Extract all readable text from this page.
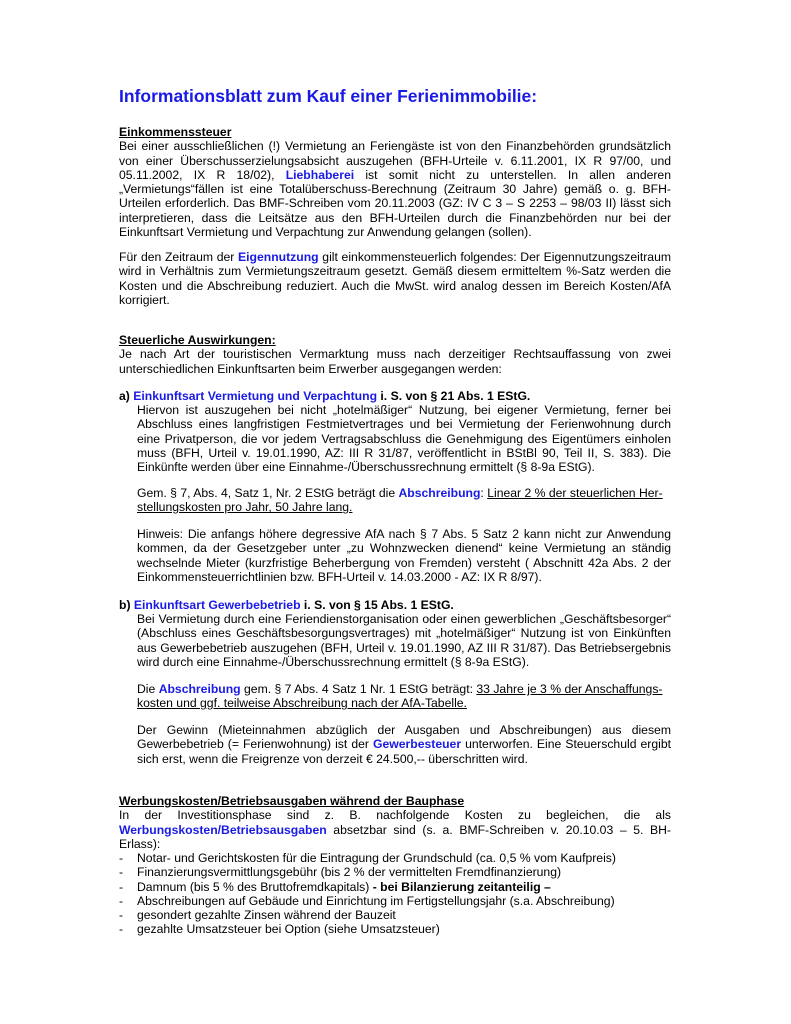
Informationsblatt zum Kauf einer Ferienimmobilie:
Einkommenssteuer
Bei einer ausschließlichen (!) Vermietung an Feriengäste ist von den Finanzbehörden grundsätzlich
von einer Überschusserzielungsabsicht auszugehen (BFH-Urteile v. 6.11.2001, IX R 97/00, und
05.11.2002, IX R 18/02), Liebhaberei ist somit nicht zu unterstellen. In allen anderen
„Vermietungs“fällen ist eine Totalüberschuss-Berechnung (Zeitraum 30 Jahre) gemäß o. g. BFH-
Urteilen erforderlich. Das BMF-Schreiben vom 20.11.2003 (GZ: IV C 3 – S 2253 – 98/03 II) lässt sich
interpretieren, dass die Leitsätze aus den BFH-Urteilen durch die Finanzbehörden nur bei der
Einkunftsart Vermietung und Verpachtung zur Anwendung gelangen (sollen).
Für den Zeitraum der Eigennutzung gilt einkommensteuerlich folgendes: Der Eigennutzungszeitraum
wird in Verhältnis zum Vermietungszeitraum gesetzt. Gemäß diesem ermitteltem %-Satz werden die
Kosten und die Abschreibung reduziert. Auch die MwSt. wird analog dessen im Bereich Kosten/AfA
korrigiert.
Steuerliche Auswirkungen:
Je nach Art der touristischen Vermarktung muss nach derzeitiger Rechtsauffassung von zwei
unterschiedlichen Einkunftsarten beim Erwerber ausgegangen werden:
a) Einkunftsart Vermietung und Verpachtung i. S. von § 21 Abs. 1 EStG.
Hiervon ist auszugehen bei nicht „hotelmäßiger“ Nutzung, bei eigener Vermietung, ferner bei
Abschluss eines langfristigen Festmietvertrages und bei Vermietung der Ferienwohnung durch
eine Privatperson, die vor jedem Vertragsabschluss die Genehmigung des Eigentümers einholen
muss (BFH, Urteil v. 19.01.1990, AZ: III R 31/87, veröffentlicht in BStBl 90, Teil II, S. 383). Die
Einkünfte werden über eine Einnahme-/Überschussrechnung ermittelt (§ 8-9a EStG).
Gem. § 7, Abs. 4, Satz 1, Nr. 2 EStG beträgt die Abschreibung: Linear 2 % der steuerlichen Her-
stellungskosten pro Jahr, 50 Jahre lang.
Hinweis: Die anfangs höhere degressive AfA nach § 7 Abs. 5 Satz 2 kann nicht zur Anwendung
kommen, da der Gesetzgeber unter „zu Wohnzwecken dienend“ keine Vermietung an ständig
wechselnde Mieter (kurzfristige Beherbergung von Fremden) versteht ( Abschnitt 42a Abs. 2 der
Einkommensteuerrichtlinien bzw. BFH-Urteil v. 14.03.2000 - AZ: IX R 8/97).
b) Einkunftsart Gewerbebetrieb i. S. von § 15 Abs. 1 EStG.
Bei Vermietung durch eine Feriendienstorganisation oder einen gewerblichen „Geschäftsbesorger“
(Abschluss eines Geschäftsbesorgungsvertrages) mit „hotelmäßiger“ Nutzung ist von Einkünften
aus Gewerbebetrieb auszugehen (BFH, Urteil v. 19.01.1990, AZ III R 31/87). Das Betriebsergebnis
wird durch eine Einnahme-/Überschussrechnung ermittelt (§ 8-9a EStG).
Die Abschreibung gem. § 7 Abs. 4 Satz 1 Nr. 1 EStG beträgt: 33 Jahre je 3 % der Anschaffungs-
kosten und ggf. teilweise Abschreibung nach der AfA-Tabelle.
Der Gewinn (Mieteinnahmen abzüglich der Ausgaben und Abschreibungen) aus diesem
Gewerbebetrieb (= Ferienwohnung) ist der Gewerbesteuer unterworfen. Eine Steuerschuld ergibt
sich erst, wenn die Freigrenze von derzeit € 24.500,-- überschritten wird.
Werbungskosten/Betriebsausgaben während der Bauphase
In der Investitionsphase sind z. B. nachfolgende Kosten zu begleichen, die als
Werbungskosten/Betriebsausgaben absetzbar sind (s. a. BMF-Schreiben v. 20.10.03 – 5. BH-
Erlass):
- Notar- und Gerichtskosten für die Eintragung der Grundschuld (ca. 0,5 % vom Kaufpreis)
- Finanzierungsvermittlungsgebühr (bis 2 % der vermittelten Fremdfinanzierung)
- Damnum (bis 5 % des Bruttofremdkapitals) - bei Bilanzierung zeitanteilig –
- Abschreibungen auf Gebäude und Einrichtung im Fertigstellungsjahr (s.a. Abschreibung)
- gesondert gezahlte Zinsen während der Bauzeit
- gezahlte Umsatzsteuer bei Option (siehe Umsatzsteuer)
